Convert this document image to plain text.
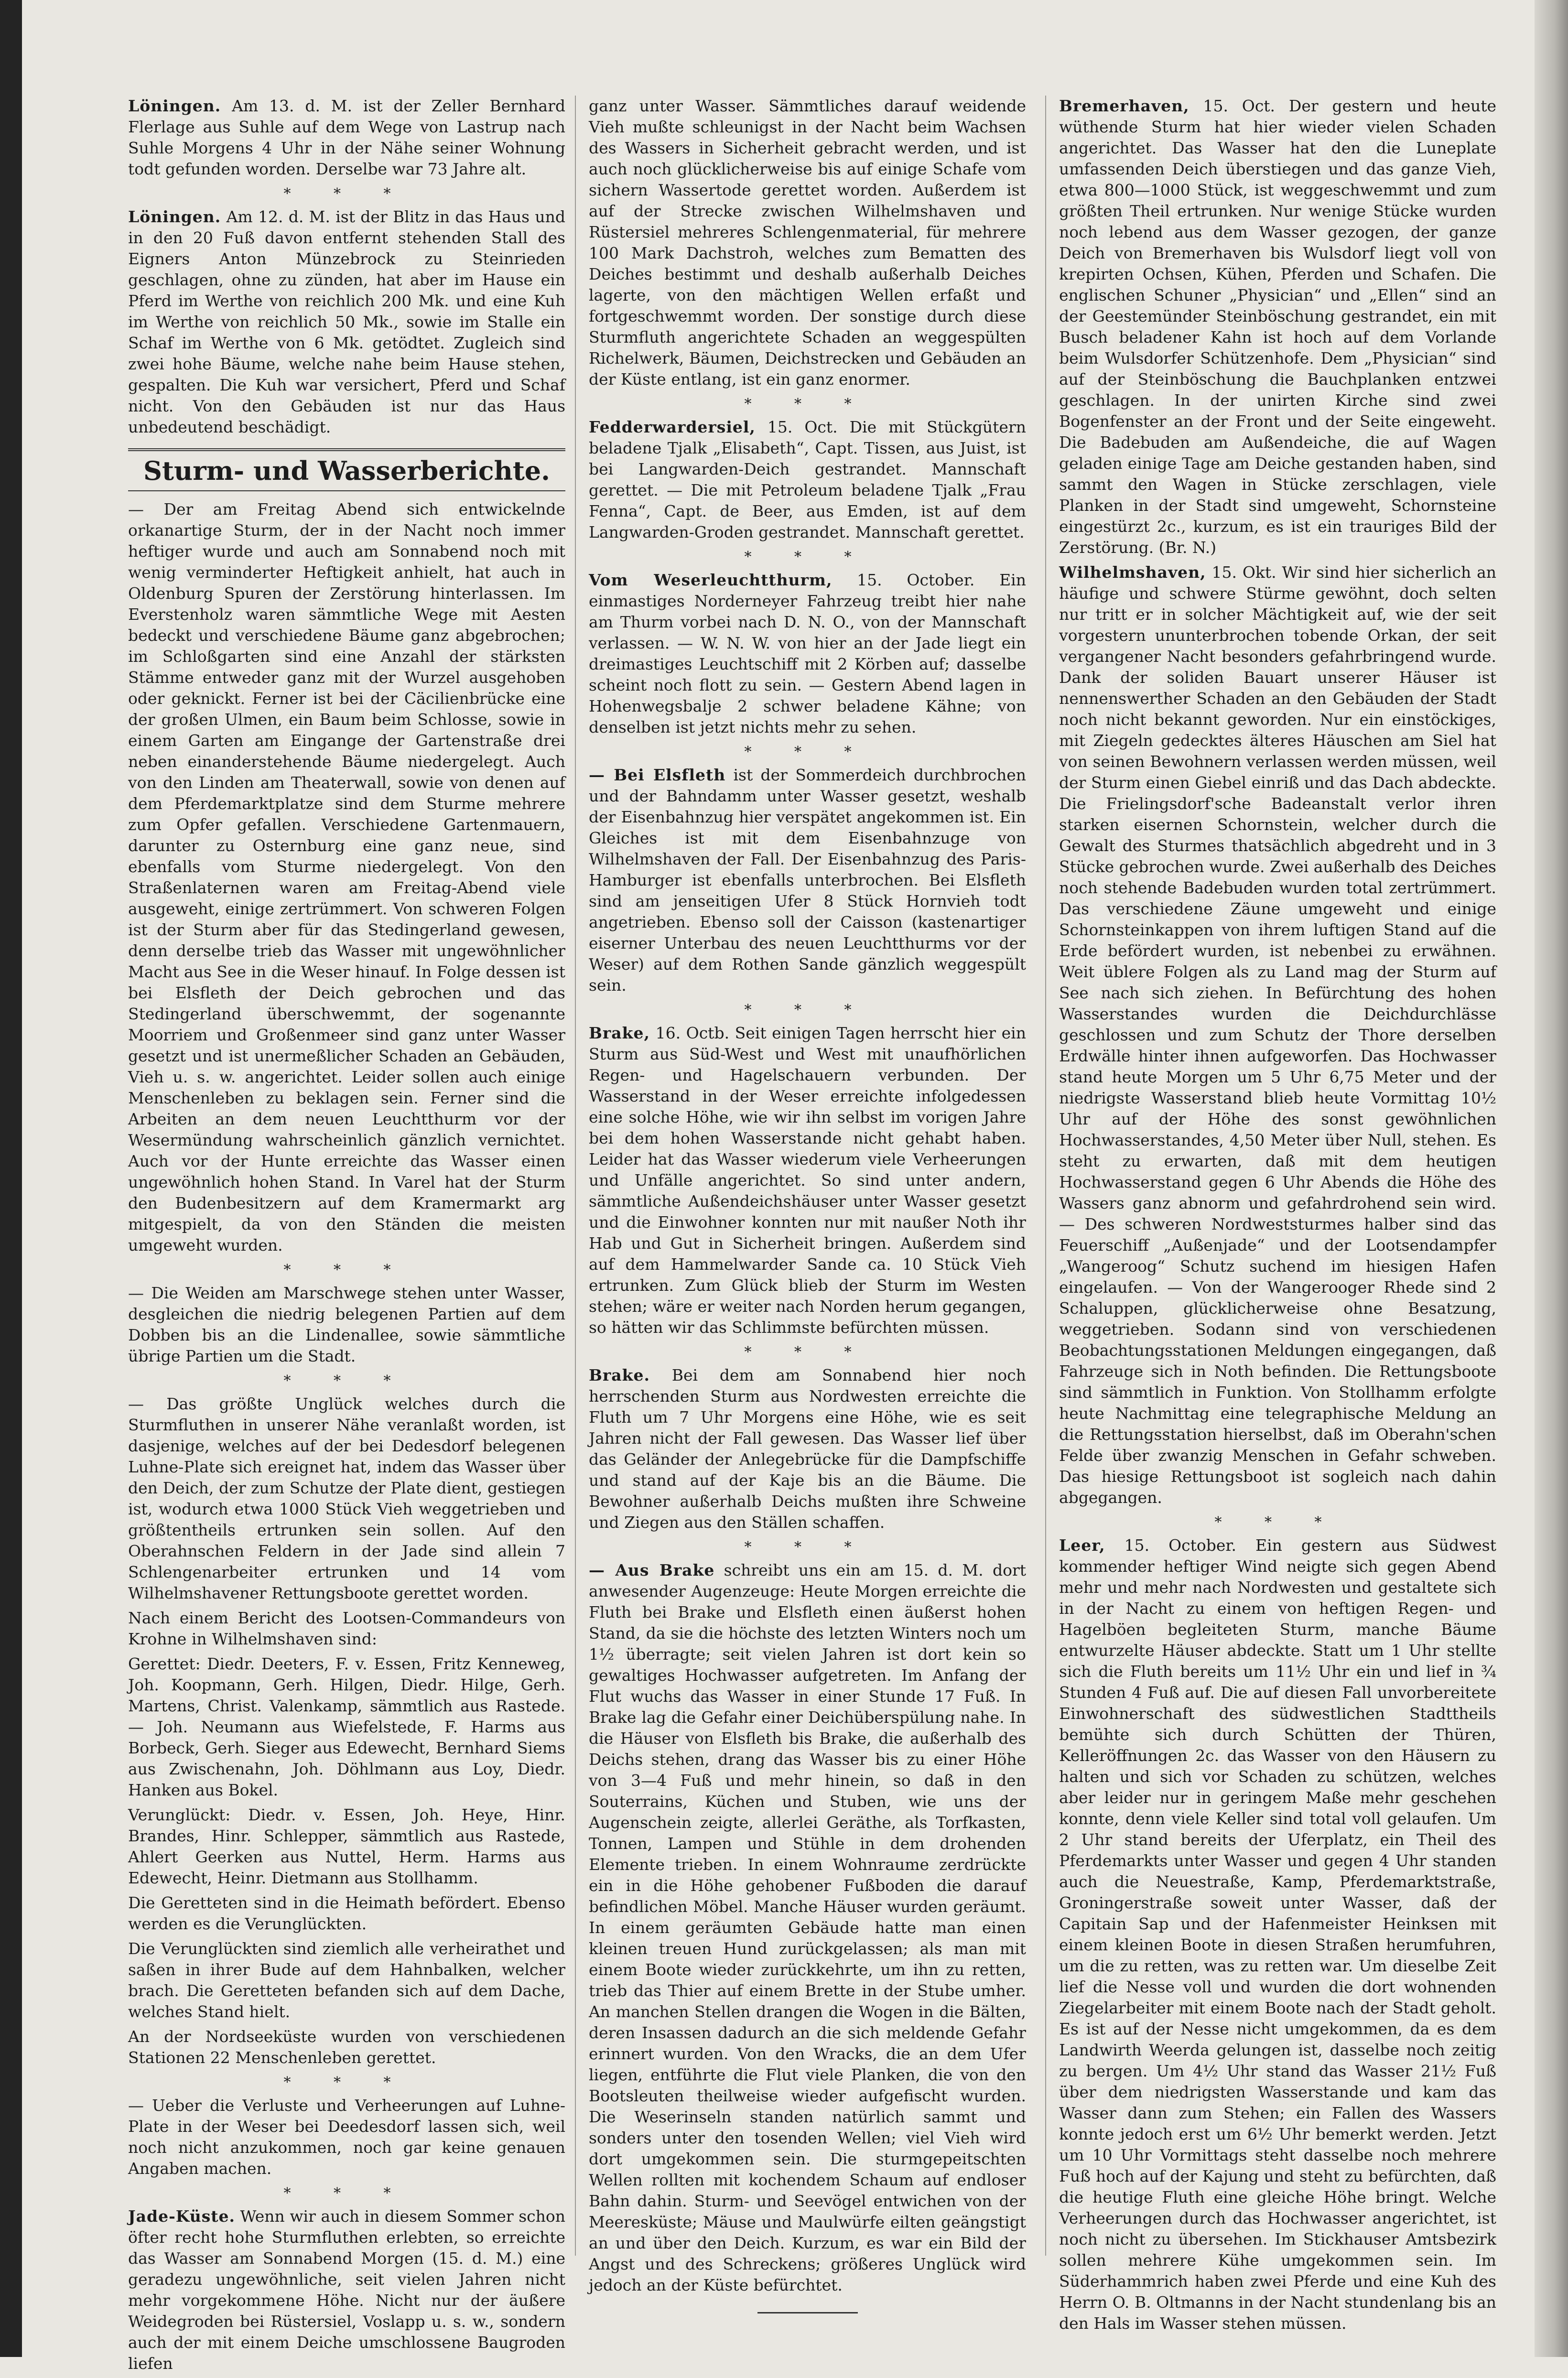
Löningen. Am 13. d. M. ist der Zeller Bernhard Flerlage aus Suhle auf dem Wege von Lastrup nach Suhle Morgens 4 Uhr in der Nähe seiner Wohnung todt gefunden worden. Derselbe war 73 Jahre alt.

* * *

Löningen. Am 12. d. M. ist der Blitz in das Haus und in den 20 Fuß davon entfernt stehenden Stall des Eigners Anton Münzebrock zu Steinrieden geschlagen, ohne zu zünden, hat aber im Hause ein Pferd im Werthe von reichlich 200 Mk. und eine Kuh im Werthe von reichlich 50 Mk., sowie im Stalle ein Schaf im Werthe von 6 Mk. getödtet. Zugleich sind zwei hohe Bäume, welche nahe beim Hause stehen, gespalten. Die Kuh war versichert, Pferd und Schaf nicht. Von den Gebäuden ist nur das Haus unbedeutend beschädigt.

Sturm- und Wasserberichte.

— Der am Freitag Abend sich entwickelnde orkanartige Sturm, der in der Nacht noch immer heftiger wurde und auch am Sonnabend noch mit wenig verminderter Heftigkeit anhielt, hat auch in Oldenburg Spuren der Zerstörung hinterlassen. Im Everstenholz waren sämmtliche Wege mit Aesten bedeckt und verschiedene Bäume ganz abgebrochen; im Schloßgarten sind eine Anzahl der stärksten Stämme entweder ganz mit der Wurzel ausgehoben oder geknickt. Ferner ist bei der Cäcilienbrücke eine der großen Ulmen, ein Baum beim Schlosse, sowie in einem Garten am Eingange der Gartenstraße drei neben einanderstehende Bäume niedergelegt. Auch von den Linden am Theaterwall, sowie von denen auf dem Pferdemarktplatze sind dem Sturme mehrere zum Opfer gefallen. Verschiedene Gartenmauern, darunter zu Osternburg eine ganz neue, sind ebenfalls vom Sturme niedergelegt. Von den Straßenlaternen waren am Freitag-Abend viele ausgeweht, einige zertrümmert. Von schweren Folgen ist der Sturm aber für das Stedingerland gewesen, denn derselbe trieb das Wasser mit ungewöhnlicher Macht aus See in die Weser hinauf. In Folge dessen ist bei Elsfleth der Deich gebrochen und das Stedingerland überschwemmt, der sogenannte Moorriem und Großenmeer sind ganz unter Wasser gesetzt und ist unermeßlicher Schaden an Gebäuden, Vieh u. s. w. angerichtet. Leider sollen auch einige Menschenleben zu beklagen sein. Ferner sind die Arbeiten an dem neuen Leuchtthurm vor der Wesermündung wahrscheinlich gänzlich vernichtet. Auch vor der Hunte erreichte das Wasser einen ungewöhnlich hohen Stand. In Varel hat der Sturm den Budenbesitzern auf dem Kramermarkt arg mitgespielt, da von den Ständen die meisten umgeweht wurden.

* * *

— Die Weiden am Marschwege stehen unter Wasser, desgleichen die niedrig belegenen Partien auf dem Dobben bis an die Lindenallee, sowie sämmtliche übrige Partien um die Stadt.

* * *

— Das größte Unglück welches durch die Sturmfluthen in unserer Nähe veranlaßt worden, ist dasjenige, welches auf der bei Dedesdorf belegenen Luhne-Plate sich ereignet hat, indem das Wasser über den Deich, der zum Schutze der Plate dient, gestiegen ist, wodurch etwa 1000 Stück Vieh weggetrieben und größtentheils ertrunken sein sollen. Auf den Oberahnschen Feldern in der Jade sind allein 7 Schlengenarbeiter ertrunken und 14 vom Wilhelmshavener Rettungsboote gerettet worden.

Nach einem Bericht des Lootsen-Commandeurs von Krohne in Wilhelmshaven sind:

Gerettet: Diedr. Deeters, F. v. Essen, Fritz Kenneweg, Joh. Koopmann, Gerh. Hilgen, Diedr. Hilge, Gerh. Martens, Christ. Valenkamp, sämmtlich aus Rastede. — Joh. Neumann aus Wiefelstede, F. Harms aus Borbeck, Gerh. Sieger aus Edewecht, Bernhard Siems aus Zwischenahn, Joh. Döhlmann aus Loy, Diedr. Hanken aus Bokel.

Verunglückt: Diedr. v. Essen, Joh. Heye, Hinr. Brandes, Hinr. Schlepper, sämmtlich aus Rastede, Ahlert Geerken aus Nuttel, Herm. Harms aus Edewecht, Heinr. Dietmann aus Stollhamm.

Die Geretteten sind in die Heimath befördert. Ebenso werden es die Verunglückten.

Die Verunglückten sind ziemlich alle verheirathet und saßen in ihrer Bude auf dem Hahnbalken, welcher brach. Die Geretteten befanden sich auf dem Dache, welches Stand hielt.

An der Nordseeküste wurden von verschiedenen Stationen 22 Menschenleben gerettet.

* * *

— Ueber die Verluste und Verheerungen auf Luhne-Plate in der Weser bei Deedesdorf lassen sich, weil noch nicht anzukommen, noch gar keine genauen Angaben machen.

* * *

Jade-Küste. Wenn wir auch in diesem Sommer schon öfter recht hohe Sturmfluthen erlebten, so erreichte das Wasser am Sonnabend Morgen (15. d. M.) eine geradezu ungewöhnliche, seit vielen Jahren nicht mehr vorgekommene Höhe. Nicht nur der äußere Weidegroden bei Rüstersiel, Voslapp u. s. w., sondern auch der mit einem Deiche umschlossene Baugroden liefen

ganz unter Wasser. Sämmtliches darauf weidende Vieh mußte schleunigst in der Nacht beim Wachsen des Wassers in Sicherheit gebracht werden, und ist auch noch glücklicherweise bis auf einige Schafe vom sichern Wassertode gerettet worden. Außerdem ist auf der Strecke zwischen Wilhelmshaven und Rüstersiel mehreres Schlengenmaterial, für mehrere 100 Mark Dachstroh, welches zum Bematten des Deiches bestimmt und deshalb außerhalb Deiches lagerte, von den mächtigen Wellen erfaßt und fortgeschwemmt worden. Der sonstige durch diese Sturmfluth angerichtete Schaden an weggespülten Richelwerk, Bäumen, Deichstrecken und Gebäuden an der Küste entlang, ist ein ganz enormer.

* * *

Fedderwardersiel, 15. Oct. Die mit Stückgütern beladene Tjalk „Elisabeth“, Capt. Tissen, aus Juist, ist bei Langwarden-Deich gestrandet. Mannschaft gerettet. — Die mit Petroleum beladene Tjalk „Frau Fenna“, Capt. de Beer, aus Emden, ist auf dem Langwarden-Groden gestrandet. Mannschaft gerettet.

* * *

Vom Weserleuchtthurm, 15. October. Ein einmastiges Norderneyer Fahrzeug treibt hier nahe am Thurm vorbei nach D. N. O., von der Mannschaft verlassen. — W. N. W. von hier an der Jade liegt ein dreimastiges Leuchtschiff mit 2 Körben auf; dasselbe scheint noch flott zu sein. — Gestern Abend lagen in Hohenwegsbalje 2 schwer beladene Kähne; von denselben ist jetzt nichts mehr zu sehen.

* * *

— Bei Elsfleth ist der Sommerdeich durchbrochen und der Bahndamm unter Wasser gesetzt, weshalb der Eisenbahnzug hier verspätet angekommen ist. Ein Gleiches ist mit dem Eisenbahnzuge von Wilhelmshaven der Fall. Der Eisenbahnzug des Paris-Hamburger ist ebenfalls unterbrochen. Bei Elsfleth sind am jenseitigen Ufer 8 Stück Hornvieh todt angetrieben. Ebenso soll der Caisson (kastenartiger eiserner Unterbau des neuen Leuchtthurms vor der Weser) auf dem Rothen Sande gänzlich weggespült sein.

* * *

Brake, 16. Octb. Seit einigen Tagen herrscht hier ein Sturm aus Süd-West und West mit unaufhörlichen Regen- und Hagelschauern verbunden. Der Wasserstand in der Weser erreichte infolgedessen eine solche Höhe, wie wir ihn selbst im vorigen Jahre bei dem hohen Wasserstande nicht gehabt haben. Leider hat das Wasser wiederum viele Verheerungen und Unfälle angerichtet. So sind unter andern, sämmtliche Außendeichshäuser unter Wasser gesetzt und die Einwohner konnten nur mit naußer Noth ihr Hab und Gut in Sicherheit bringen. Außerdem sind auf dem Hammelwarder Sande ca. 10 Stück Vieh ertrunken. Zum Glück blieb der Sturm im Westen stehen; wäre er weiter nach Norden herum gegangen, so hätten wir das Schlimmste befürchten müssen.

* * *

Brake. Bei dem am Sonnabend hier noch herrschenden Sturm aus Nordwesten erreichte die Fluth um 7 Uhr Morgens eine Höhe, wie es seit Jahren nicht der Fall gewesen. Das Wasser lief über das Geländer der Anlegebrücke für die Dampfschiffe und stand auf der Kaje bis an die Bäume. Die Bewohner außerhalb Deichs mußten ihre Schweine und Ziegen aus den Ställen schaffen.

* * *

— Aus Brake schreibt uns ein am 15. d. M. dort anwesender Augenzeuge: Heute Morgen erreichte die Fluth bei Brake und Elsfleth einen äußerst hohen Stand, da sie die höchste des letzten Winters noch um 1½ überragte; seit vielen Jahren ist dort kein so gewaltiges Hochwasser aufgetreten. Im Anfang der Flut wuchs das Wasser in einer Stunde 17 Fuß. In Brake lag die Gefahr einer Deichüberspülung nahe. In die Häuser von Elsfleth bis Brake, die außerhalb des Deichs stehen, drang das Wasser bis zu einer Höhe von 3—4 Fuß und mehr hinein, so daß in den Souterrains, Küchen und Stuben, wie uns der Augenschein zeigte, allerlei Geräthe, als Torfkasten, Tonnen, Lampen und Stühle in dem drohenden Elemente trieben. In einem Wohnraume zerdrückte ein in die Höhe gehobener Fußboden die darauf befindlichen Möbel. Manche Häuser wurden geräumt. In einem geräumten Gebäude hatte man einen kleinen treuen Hund zurückgelassen; als man mit einem Boote wieder zurückkehrte, um ihn zu retten, trieb das Thier auf einem Brette in der Stube umher. An manchen Stellen drangen die Wogen in die Bälten, deren Insassen dadurch an die sich meldende Gefahr erinnert wurden. Von den Wracks, die an dem Ufer liegen, entführte die Flut viele Planken, die von den Bootsleuten theilweise wieder aufgefischt wurden. Die Weserinseln standen natürlich sammt und sonders unter den tosenden Wellen; viel Vieh wird dort umgekommen sein. Die sturmgepeitschten Wellen rollten mit kochendem Schaum auf endloser Bahn dahin. Sturm- und Seevögel entwichen von der Meeresküste; Mäuse und Maulwürfe eilten geängstigt an und über den Deich. Kurzum, es war ein Bild der Angst und des Schreckens; größeres Unglück wird jedoch an der Küste befürchtet.

Bremerhaven, 15. Oct. Der gestern und heute wüthende Sturm hat hier wieder vielen Schaden angerichtet. Das Wasser hat den die Luneplate umfassenden Deich überstiegen und das ganze Vieh, etwa 800—1000 Stück, ist weggeschwemmt und zum größten Theil ertrunken. Nur wenige Stücke wurden noch lebend aus dem Wasser gezogen, der ganze Deich von Bremerhaven bis Wulsdorf liegt voll von krepirten Ochsen, Kühen, Pferden und Schafen. Die englischen Schuner „Physician“ und „Ellen“ sind an der Geestemünder Steinböschung gestrandet, ein mit Busch beladener Kahn ist hoch auf dem Vorlande beim Wulsdorfer Schützenhofe. Dem „Physician“ sind auf der Steinböschung die Bauchplanken entzwei geschlagen. In der unirten Kirche sind zwei Bogenfenster an der Front und der Seite eingeweht. Die Badebuden am Außendeiche, die auf Wagen geladen einige Tage am Deiche gestanden haben, sind sammt den Wagen in Stücke zerschlagen, viele Planken in der Stadt sind umgeweht, Schornsteine eingestürzt 2c., kurzum, es ist ein trauriges Bild der Zerstörung. (Br. N.)

Wilhelmshaven, 15. Okt. Wir sind hier sicherlich an häufige und schwere Stürme gewöhnt, doch selten nur tritt er in solcher Mächtigkeit auf, wie der seit vorgestern ununterbrochen tobende Orkan, der seit vergangener Nacht besonders gefahrbringend wurde. Dank der soliden Bauart unserer Häuser ist nennenswerther Schaden an den Gebäuden der Stadt noch nicht bekannt geworden. Nur ein einstöckiges, mit Ziegeln gedecktes älteres Häuschen am Siel hat von seinen Bewohnern verlassen werden müssen, weil der Sturm einen Giebel einriß und das Dach abdeckte. Die Frielingsdorf'sche Badeanstalt verlor ihren starken eisernen Schornstein, welcher durch die Gewalt des Sturmes thatsächlich abgedreht und in 3 Stücke gebrochen wurde. Zwei außerhalb des Deiches noch stehende Badebuden wurden total zertrümmert. Das verschiedene Zäune umgeweht und einige Schornsteinkappen von ihrem luftigen Stand auf die Erde befördert wurden, ist nebenbei zu erwähnen. Weit üblere Folgen als zu Land mag der Sturm auf See nach sich ziehen. In Befürchtung des hohen Wasserstandes wurden die Deichdurchlässe geschlossen und zum Schutz der Thore derselben Erdwälle hinter ihnen aufgeworfen. Das Hochwasser stand heute Morgen um 5 Uhr 6,75 Meter und der niedrigste Wasserstand blieb heute Vormittag 10½ Uhr auf der Höhe des sonst gewöhnlichen Hochwasserstandes, 4,50 Meter über Null, stehen. Es steht zu erwarten, daß mit dem heutigen Hochwasserstand gegen 6 Uhr Abends die Höhe des Wassers ganz abnorm und gefahrdrohend sein wird. — Des schweren Nordweststurmes halber sind das Feuerschiff „Außenjade“ und der Lootsendampfer „Wangeroog“ Schutz suchend im hiesigen Hafen eingelaufen. — Von der Wangerooger Rhede sind 2 Schaluppen, glücklicherweise ohne Besatzung, weggetrieben. Sodann sind von verschiedenen Beobachtungsstationen Meldungen eingegangen, daß Fahrzeuge sich in Noth befinden. Die Rettungsboote sind sämmtlich in Funktion. Von Stollhamm erfolgte heute Nachmittag eine telegraphische Meldung an die Rettungsstation hierselbst, daß im Oberahn'schen Felde über zwanzig Menschen in Gefahr schweben. Das hiesige Rettungsboot ist sogleich nach dahin abgegangen.

* * *

Leer, 15. October. Ein gestern aus Südwest kommender heftiger Wind neigte sich gegen Abend mehr und mehr nach Nordwesten und gestaltete sich in der Nacht zu einem von heftigen Regen- und Hagelböen begleiteten Sturm, manche Bäume entwurzelte Häuser abdeckte. Statt um 1 Uhr stellte sich die Fluth bereits um 11½ Uhr ein und lief in ¾ Stunden 4 Fuß auf. Die auf diesen Fall unvorbereitete Einwohnerschaft des südwestlichen Stadttheils bemühte sich durch Schütten der Thüren, Kelleröffnungen 2c. das Wasser von den Häusern zu halten und sich vor Schaden zu schützen, welches aber leider nur in geringem Maße mehr geschehen konnte, denn viele Keller sind total voll gelaufen. Um 2 Uhr stand bereits der Uferplatz, ein Theil des Pferdemarkts unter Wasser und gegen 4 Uhr standen auch die Neuestraße, Kamp, Pferdemarktstraße, Groningerstraße soweit unter Wasser, daß der Capitain Sap und der Hafenmeister Heinksen mit einem kleinen Boote in diesen Straßen herumfuhren, um die zu retten, was zu retten war. Um dieselbe Zeit lief die Nesse voll und wurden die dort wohnenden Ziegelarbeiter mit einem Boote nach der Stadt geholt. Es ist auf der Nesse nicht umgekommen, da es dem Landwirth Weerda gelungen ist, dasselbe noch zeitig zu bergen. Um 4½ Uhr stand das Wasser 21½ Fuß über dem niedrigsten Wasserstande und kam das Wasser dann zum Stehen; ein Fallen des Wassers konnte jedoch erst um 6½ Uhr bemerkt werden. Jetzt um 10 Uhr Vormittags steht dasselbe noch mehrere Fuß hoch auf der Kajung und steht zu befürchten, daß die heutige Fluth eine gleiche Höhe bringt. Welche Verheerungen durch das Hochwasser angerichtet, ist noch nicht zu übersehen. Im Stickhauser Amtsbezirk sollen mehrere Kühe umgekommen sein. Im Süderhammrich haben zwei Pferde und eine Kuh des Herrn O. B. Oltmanns in der Nacht stundenlang bis an den Hals im Wasser stehen müssen.
